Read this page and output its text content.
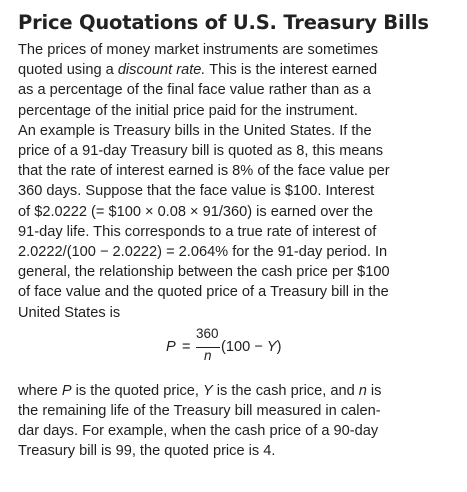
Price Quotations of U.S. Treasury Bills

The prices of money market instruments are sometimes
quoted using a discount rate. This is the interest earned
as a percentage of the final face value rather than as a
percentage of the initial price paid for the instrument.
An example is Treasury bills in the United States. If the
price of a 91-day Treasury bill is quoted as 8, this means
that the rate of interest earned is 8% of the face value per
360 days. Suppose that the face value is $100. Interest
of $2.0222 (= $100 × 0.08 × 91/360) is earned over the
91-day life. This corresponds to a true rate of interest of
2.0222/(100 − 2.0222) = 2.064% for the 91-day period. In
general, the relationship between the cash price per $100
of face value and the quoted price of a Treasury bill in the
United States is

P =
360
n
(100 − Y)

where P is the quoted price, Y is the cash price, and n is
the remaining life of the Treasury bill measured in calen-
dar days. For example, when the cash price of a 90-day
Treasury bill is 99, the quoted price is 4.
